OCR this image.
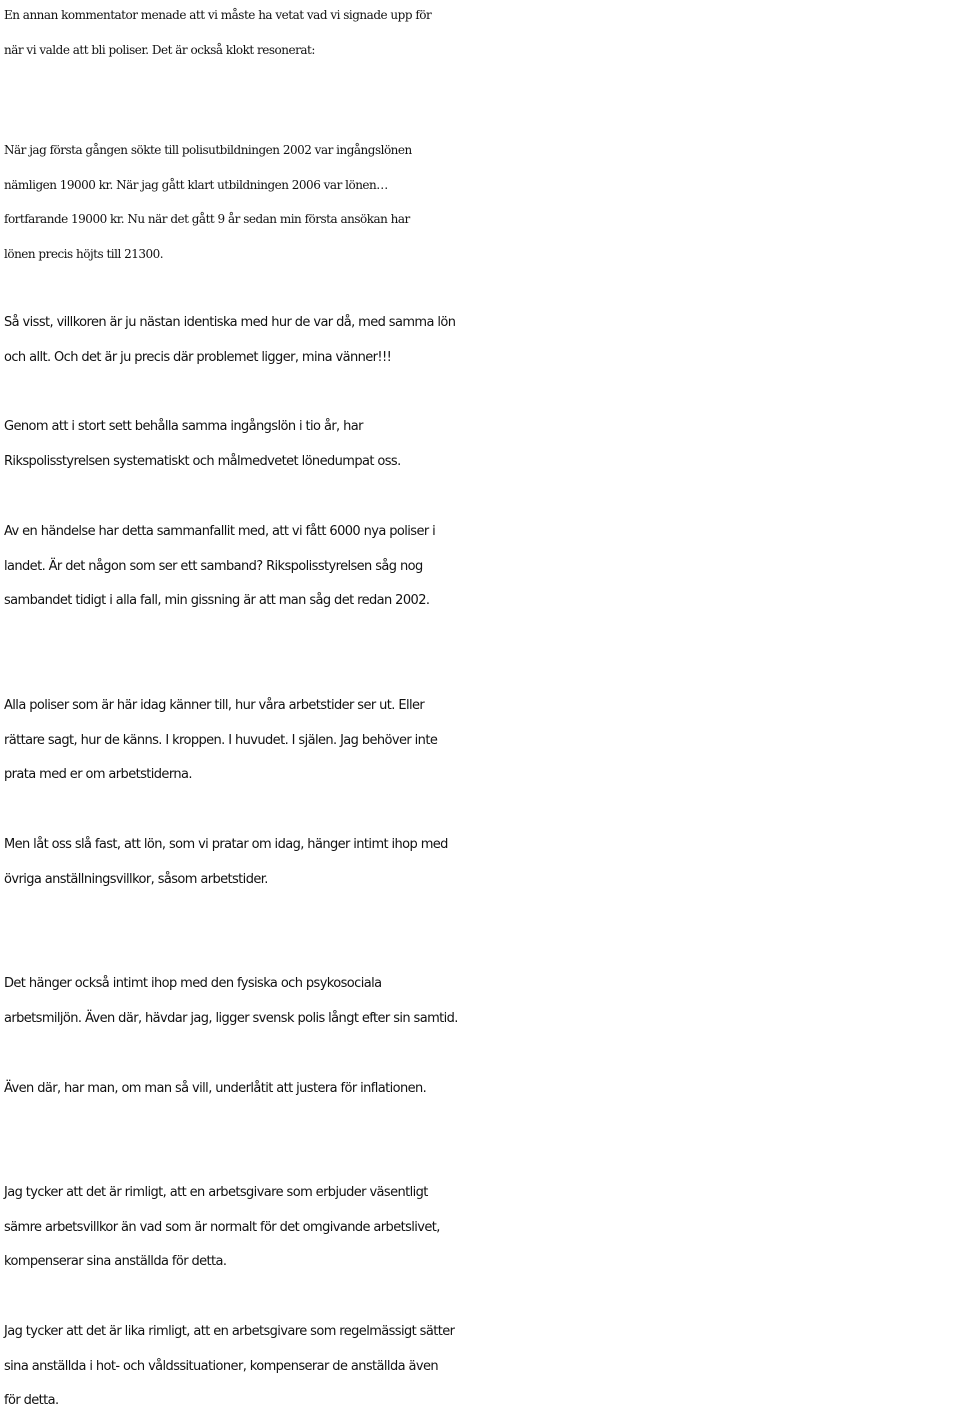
En annan kommentator menade att vi måste ha vetat vad vi signade upp för
när vi valde att bli poliser. Det är också klokt resonerat:

När jag första gången sökte till polisutbildningen 2002 var ingångslönen
nämligen 19000 kr. När jag gått klart utbildningen 2006 var lönen…
fortfarande 19000 kr. Nu när det gått 9 år sedan min första ansökan har
lönen precis höjts till 21300.

Så visst, villkoren är ju nästan identiska med hur de var då, med samma lön
och allt. Och det är ju precis där problemet ligger, mina vänner!!!

Genom att i stort sett behålla samma ingångslön i tio år, har
Rikspolisstyrelsen systematiskt och målmedvetet lönedumpat oss.

Av en händelse har detta sammanfallit med, att vi fått 6000 nya poliser i
landet. Är det någon som ser ett samband? Rikspolisstyrelsen såg nog
sambandet tidigt i alla fall, min gissning är att man såg det redan 2002.

Alla poliser som är här idag känner till, hur våra arbetstider ser ut. Eller
rättare sagt, hur de känns. I kroppen. I huvudet. I själen. Jag behöver inte
prata med er om arbetstiderna.

Men låt oss slå fast, att lön, som vi pratar om idag, hänger intimt ihop med
övriga anställningsvillkor, såsom arbetstider.

Det hänger också intimt ihop med den fysiska och psykosociala
arbetsmiljön. Även där, hävdar jag, ligger svensk polis långt efter sin samtid.

Även där, har man, om man så vill, underlåtit att justera för inflationen.

Jag tycker att det är rimligt, att en arbetsgivare som erbjuder väsentligt
sämre arbetsvillkor än vad som är normalt för det omgivande arbetslivet,
kompenserar sina anställda för detta.

Jag tycker att det är lika rimligt, att en arbetsgivare som regelmässigt sätter
sina anställda i hot- och våldssituationer, kompenserar de anställda även
för detta.
